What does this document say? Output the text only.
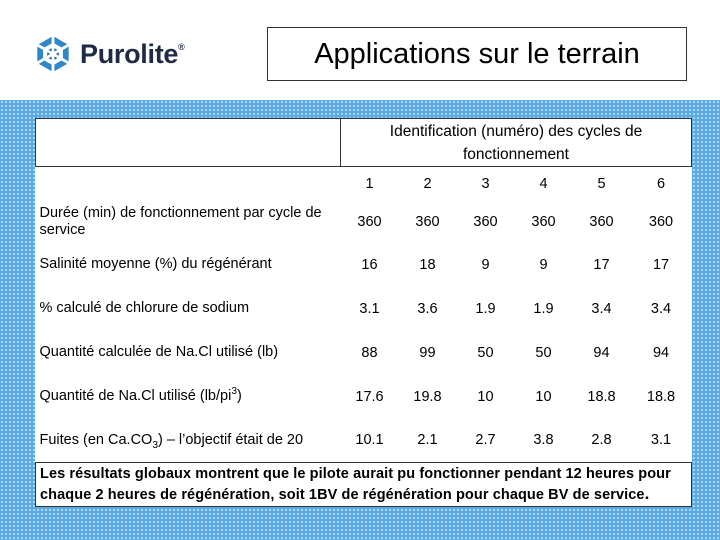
Purolite®	Applications sur le terrain
	Identification (numéro) des cycles de fonctionnement					
	1	2	3	4	5	6
Durée (min) de fonctionnement par cycle de service	360	360	360	360	360	360
Salinité moyenne (%) du régénérant	16	18	9	9	17	17
% calculé de chlorure de sodium	3.1	3.6	1.9	1.9	3.4	3.4
Quantité calculée de Na.Cl utilisé (lb)	88	99	50	50	94	94
Quantité de Na.Cl utilisé $(lb/pi^3)$	17.6	19.8	10	10	18.8	18.8
Fuites (en $Ca.CO_3$) – l’objectif était de 20	10.1	2.1	2.7	3.8	2.8	3.1
Les résultats globaux montrent que le pilote aurait pu fonctionner pendant 12 heures pour chaque 2 heures de régénération, soit 1BV de régénération pour chaque BV de service.						
